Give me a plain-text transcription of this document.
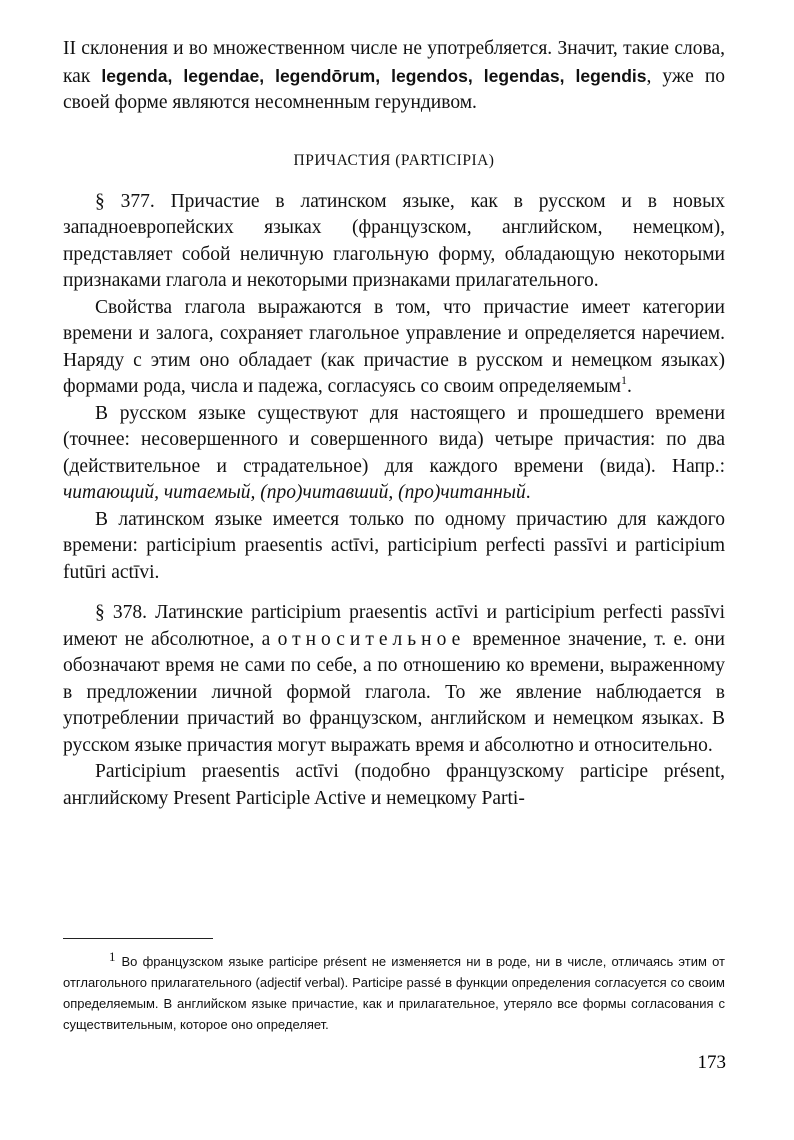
II склонения и во множественном числе не употребляется. Значит, такие слова, как legenda, legendae, legendōrum, legendos, legendas, legendis, уже по своей форме являются несомненным герундивом.

ПРИЧАСТИЯ (PARTICIPIA)

§ 377. Причастие в латинском языке, как в русском и в новых западноевропейских языках (французском, английском, немецком), представляет собой неличную глагольную форму, обладающую некоторыми признаками глагола и некоторыми признаками прилагательного.

Свойства глагола выражаются в том, что причастие имеет категории времени и залога, сохраняет глагольное управление и определяется наречием. Наряду с этим оно обладает (как причастие в русском и немецком языках) формами рода, числа и падежа, согласуясь со своим определяемым$^1$.

В русском языке существуют для настоящего и прошедшего времени (точнее: несовершенного и совершенного вида) четыре причастия: по два (действительное и страдательное) для каждого времени (вида). Напр.: читающий, читаемый, (про)читавший, (про)читанный.

В латинском языке имеется только по одному причастию для каждого времени: participium praesentis actīvi, participium perfecti passīvi и participium futūri actīvi.

§ 378. Латинские participium praesentis actīvi и participium perfecti passīvi имеют не абсолютное, а относительное временное значение, т. е. они обозначают время не сами по себе, а по отношению ко времени, выраженному в предложении личной формой глагола. То же явление наблюдается в употреблении причастий во французском, английском и немецком языках. В русском языке причастия могут выражать время и абсолютно и относительно.

Participium praesentis actīvi (подобно французскому participe présent, английскому Present Participle Active и немецкому Parti-

1 Во французском языке participe présent не изменяется ни в роде, ни в числе, отличаясь этим от отглагольного прилагательного (adjectif verbal). Participe passé в функции определения согласуется со своим определяемым. В английском языке причастие, как и прилагательное, утеряло все формы согласования с существительным, которое оно определяет.
173
